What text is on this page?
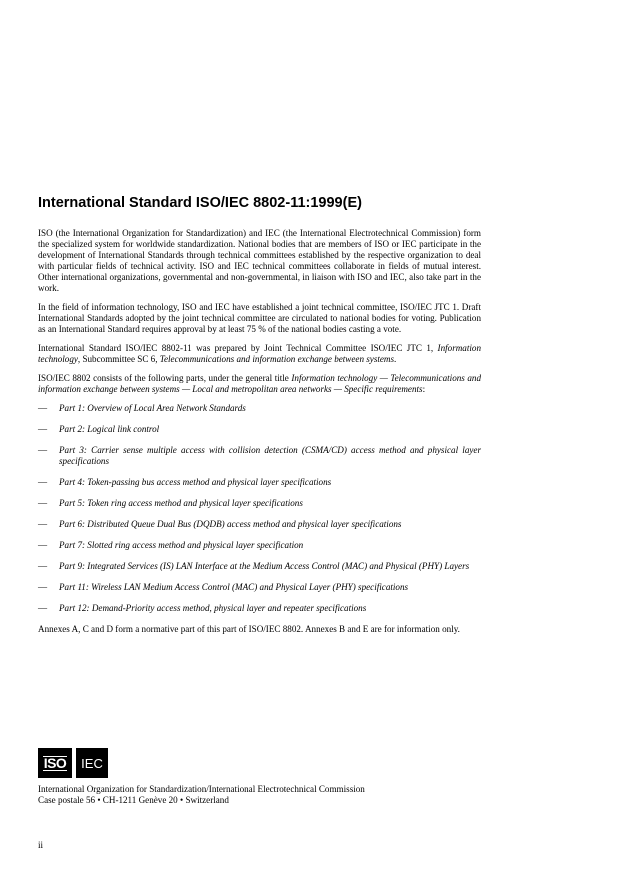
International Standard ISO/IEC 8802-11:1999(E)

ISO (the International Organization for Standardization) and IEC (the International Electrotechnical Commission) form the specialized system for worldwide standardization. National bodies that are members of ISO or IEC participate in the development of International Standards through technical committees established by the respective organization to deal with particular fields of technical activity. ISO and IEC technical committees collaborate in fields of mutual interest. Other international organizations, governmental and non-governmental, in liaison with ISO and IEC, also take part in the work.

In the field of information technology, ISO and IEC have established a joint technical committee, ISO/IEC JTC 1. Draft International Standards adopted by the joint technical committee are circulated to national bodies for voting. Publication as an International Standard requires approval by at least 75 % of the national bodies casting a vote.

International Standard ISO/IEC 8802-11 was prepared by Joint Technical Committee ISO/IEC JTC 1, Information technology, Subcommittee SC 6, Telecommunications and information exchange between systems.

ISO/IEC 8802 consists of the following parts, under the general title Information technology — Telecommunications and information exchange between systems — Local and metropolitan area networks — Specific requirements:

— Part 1: Overview of Local Area Network Standards
— Part 2: Logical link control
— Part 3: Carrier sense multiple access with collision detection (CSMA/CD) access method and physical layer specifications
— Part 4: Token-passing bus access method and physical layer specifications
— Part 5: Token ring access method and physical layer specifications
— Part 6: Distributed Queue Dual Bus (DQDB) access method and physical layer specifications
— Part 7: Slotted ring access method and physical layer specification
— Part 9: Integrated Services (IS) LAN Interface at the Medium Access Control (MAC) and Physical (PHY) Layers
— Part 11: Wireless LAN Medium Access Control (MAC) and Physical Layer (PHY) specifications
— Part 12: Demand-Priority access method, physical layer and repeater specifications

Annexes A, C and D form a normative part of this part of ISO/IEC 8802. Annexes B and E are for information only.

ISO IEC
International Organization for Standardization/International Electrotechnical Commission
Case postale 56 • CH-1211 Genève 20 • Switzerland
ii
